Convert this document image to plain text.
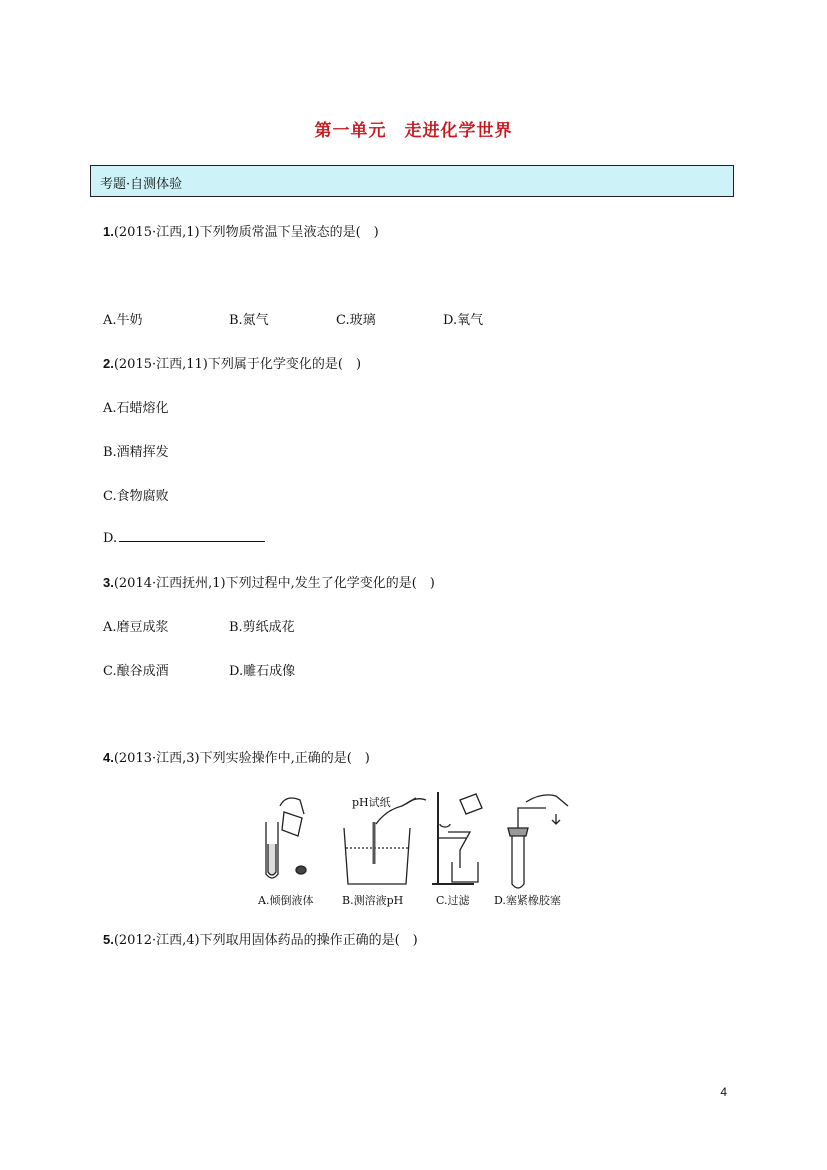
第一单元　走进化学世界
考题·自测体验
1.(2015·江西,1)下列物质常温下呈液态的是(　)
A.牛奶	B.氮气	C.玻璃	D.氧气
2.(2015·江西,11)下列属于化学变化的是(　)
A.石蜡熔化
B.酒精挥发
C.食物腐败
D.
3.(2014·江西抚州,1)下列过程中,发生了化学变化的是(　)
A.磨豆成浆	B.剪纸成花
C.酿谷成酒	D.雕石成像
4.(2013·江西,3)下列实验操作中,正确的是(　)
pH试纸
A.倾倒液体	B.测溶液pH	C.过滤 D.塞紧橡胶塞
5.(2012·江西,4)下列取用固体药品的操作正确的是(　)
4
